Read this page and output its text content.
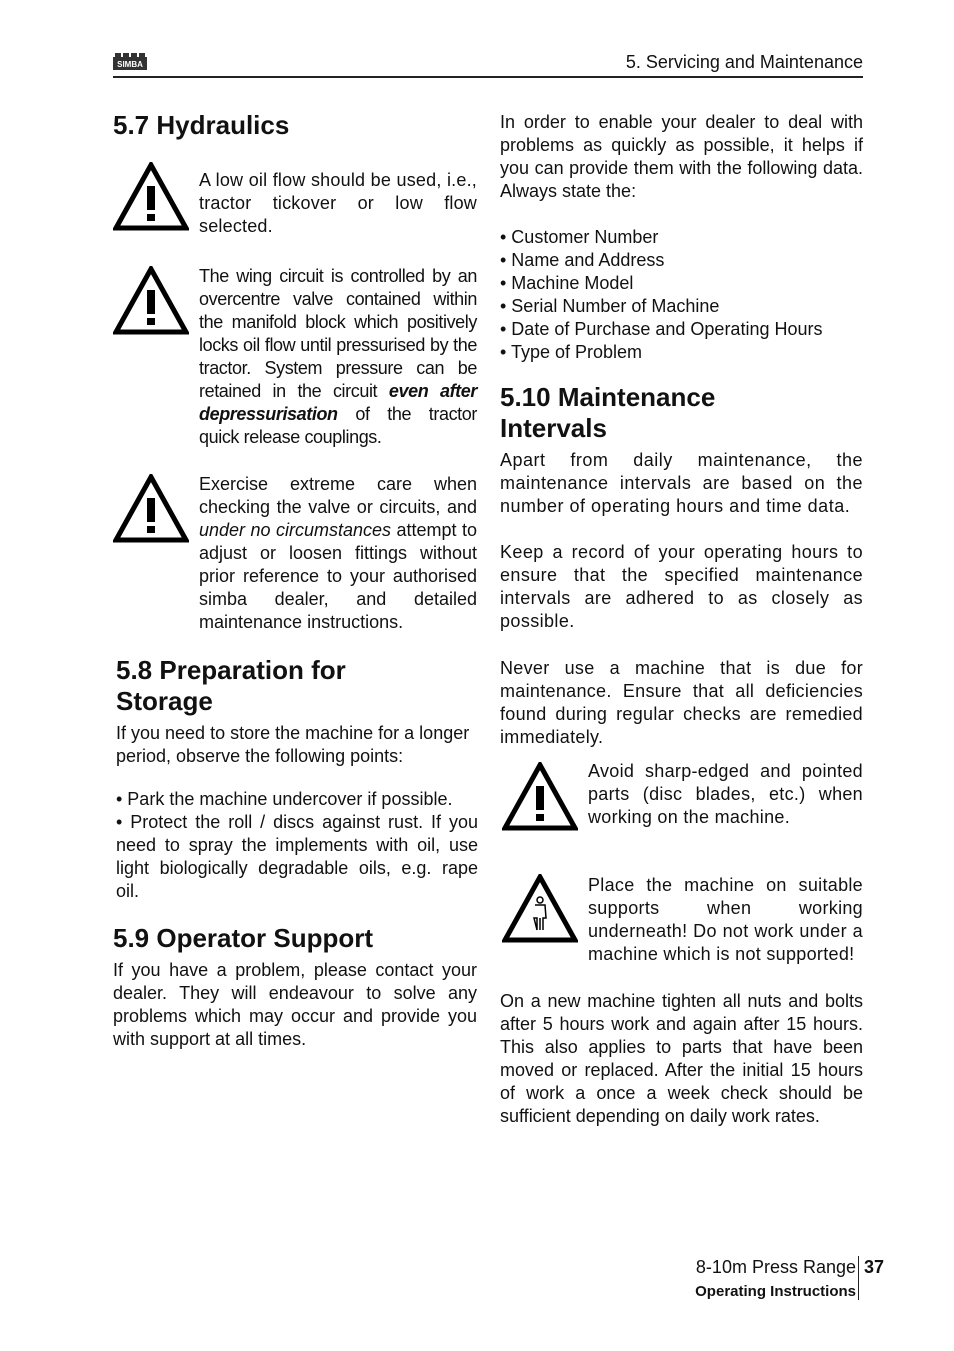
SIMBA	5. Servicing and Maintenance
5.7 Hydraulics

A low oil flow should be used, i.e., tractor tickover or low flow selected.

The wing circuit is controlled by an overcentre valve contained within the manifold block which positively locks oil flow until pressurised by the tractor. System pressure can be retained in the circuit even after depressurisation of the tractor quick release couplings.

Exercise extreme care when checking the valve or circuits, and under no circumstances attempt to adjust or loosen fittings without prior reference to your authorised simba dealer, and detailed maintenance instructions.

5.8 Preparation for Storage

If you need to store the machine for a longer period, observe the following points:

• Park the machine undercover if possible.

• Protect the roll / discs against rust. If you need to spray the implements with oil, use light biologically degradable oils, e.g. rape oil.

5.9 Operator Support

If you have a problem, please contact your dealer. They will endeavour to solve any problems which may occur and provide you with support at all times.

In order to enable your dealer to deal with problems as quickly as possible, it helps if you can provide them with the following data. Always state the:

• Customer Number
• Name and Address
• Machine Model
• Serial Number of Machine
• Date of Purchase and Operating Hours
• Type of Problem
5.10 Maintenance Intervals

Apart from daily maintenance, the maintenance intervals are based on the number of operating hours and time data.

Keep a record of your operating hours to ensure that the specified maintenance intervals are adhered to as closely as possible.

Never use a machine that is due for maintenance. Ensure that all deficiencies found during regular checks are remedied immediately.

Avoid sharp-edged and pointed parts (disc blades, etc.) when working on the machine.

Place the machine on suitable supports when working underneath! Do not work under a machine which is not supported!

On a new machine tighten all nuts and bolts after 5 hours work and again after 15 hours. This also applies to parts that have been moved or replaced. After the initial 15 hours of work a once a week check should be sufficient depending on daily work rates.

8-10m Press Range
Operating Instructions
37
